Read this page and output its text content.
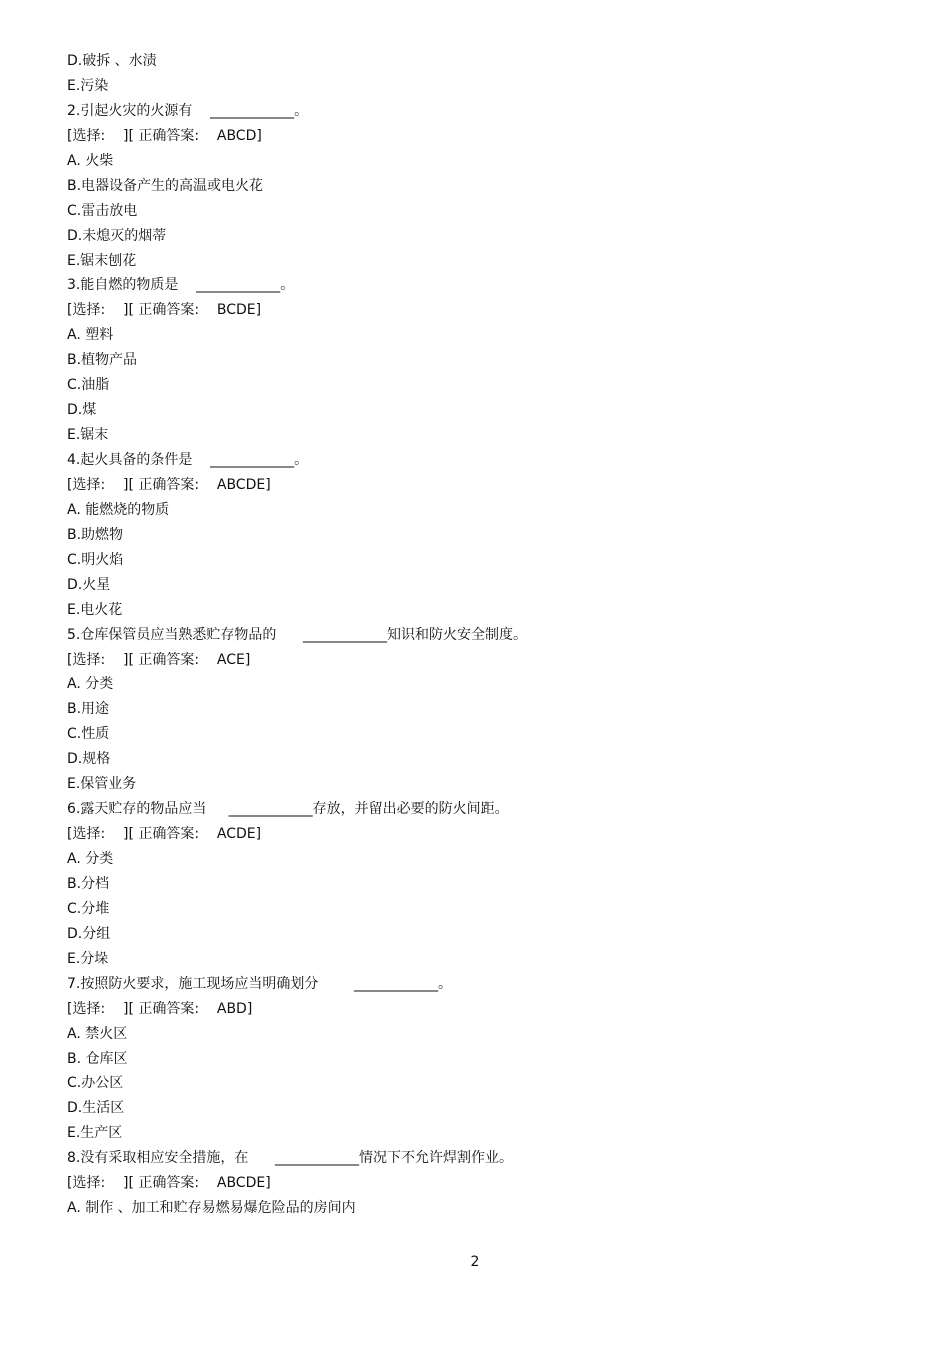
D.破拆 、水渍
E.污染
2.引起火灾的火源有    ____________。
[选择:    ][ 正确答案:    ABCD]
A. 火柴
B.电器设备产生的高温或电火花
C.雷击放电
D.未熄灭的烟蒂
E.锯末刨花
3.能自燃的物质是    ____________。
[选择:    ][ 正确答案:    BCDE]
A. 塑料
B.植物产品
C.油脂
D.煤
E.锯末
4.起火具备的条件是    ____________。
[选择:    ][ 正确答案:    ABCDE]
A. 能燃烧的物质
B.助燃物
C.明火焰
D.火星
E.电火花
5.仓库保管员应当熟悉贮存物品的      ____________知识和防火安全制度。
[选择:    ][ 正确答案:    ACE]
A. 分类
B.用途
C.性质
D.规格
E.保管业务
6.露天贮存的物品应当     ____________存放，并留出必要的防火间距。
[选择:    ][ 正确答案:    ACDE]
A. 分类
B.分档
C.分堆
D.分组
E.分垛
7.按照防火要求，施工现场应当明确划分        ____________。
[选择:    ][ 正确答案:    ABD]
A. 禁火区
B. 仓库区
C.办公区
D.生活区
E.生产区
8.没有采取相应安全措施，在      ____________情况下不允许焊割作业。
[选择:    ][ 正确答案:    ABCDE]
A. 制作 、加工和贮存易燃易爆危险品的房间内
2
